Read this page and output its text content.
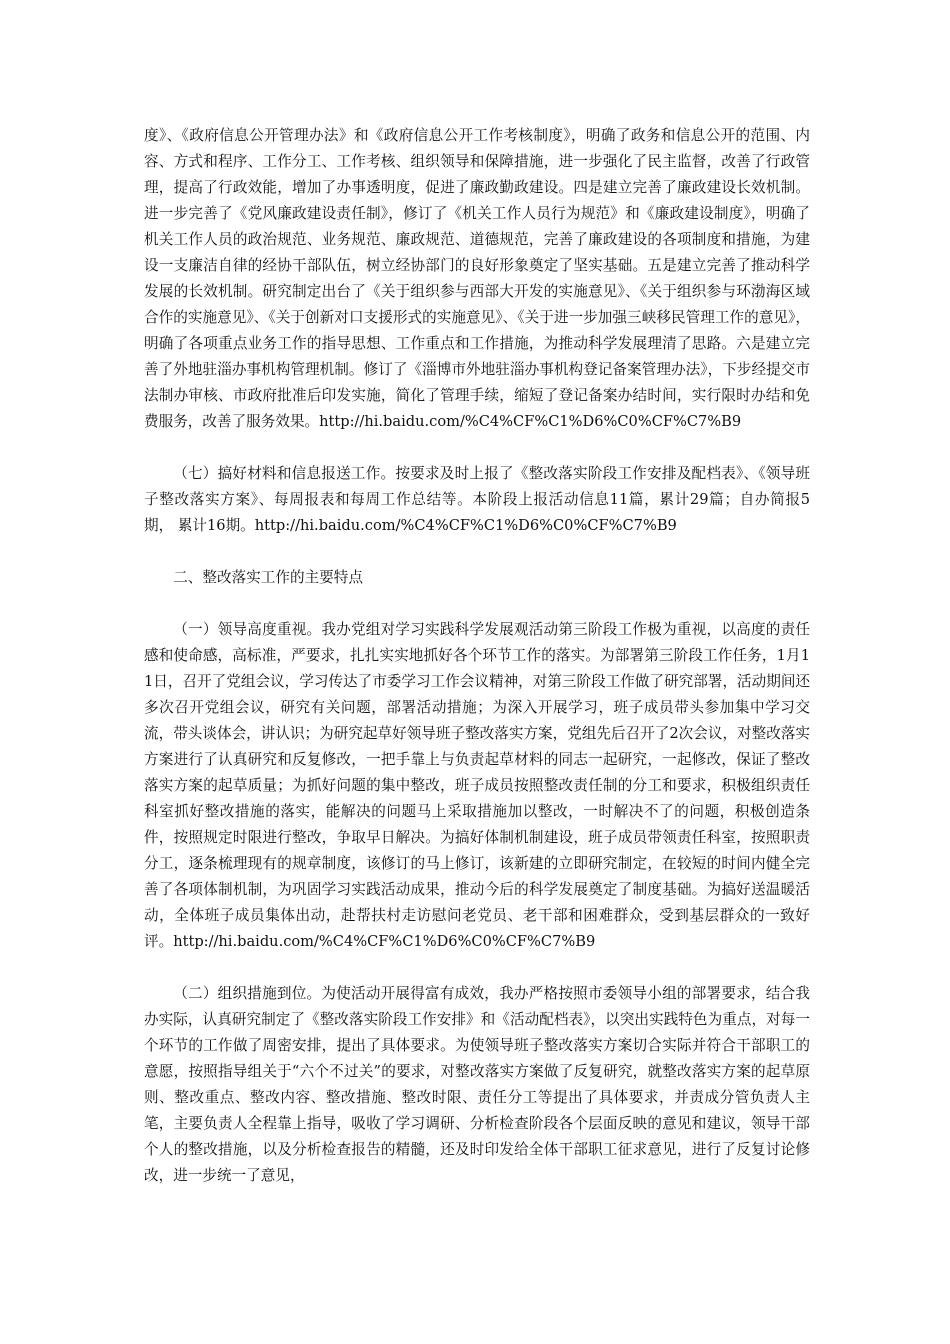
度》、《政府信息公开管理办法》和《政府信息公开工作考核制度》，明确了政务和信息公开的范围、内容、方式和程序、工作分工、工作考核、组织领导和保障措施，进一步强化了民主监督，改善了行政管理，提高了行政效能，增加了办事透明度，促进了廉政勤政建设。四是建立完善了廉政建设长效机制。进一步完善了《党风廉政建设责任制》，修订了《机关工作人员行为规范》和《廉政建设制度》，明确了机关工作人员的政治规范、业务规范、廉政规范、道德规范，完善了廉政建设的各项制度和措施，为建设一支廉洁自律的经协干部队伍，树立经协部门的良好形象奠定了坚实基础。五是建立完善了推动科学发展的长效机制。研究制定出台了《关于组织参与西部大开发的实施意见》、《关于组织参与环渤海区域合作的实施意见》、《关于创新对口支援形式的实施意见》、《关于进一步加强三峡移民管理工作的意见》，明确了各项重点业务工作的指导思想、工作重点和工作措施，为推动科学发展理清了思路。六是建立完善了外地驻淄办事机构管理机制。修订了《淄博市外地驻淄办事机构登记备案管理办法》，下步经提交市法制办审核、市政府批准后印发实施，简化了管理手续，缩短了登记备案办结时间，实行限时办结和免费服务，改善了服务效果。http://hi.baidu.com/%C4%CF%C1%D6%C0%CF%C7%B9

（七）搞好材料和信息报送工作。按要求及时上报了《整改落实阶段工作安排及配档表》、《领导班子整改落实方案》、每周报表和每周工作总结等。本阶段上报活动信息11篇，累计29篇；自办简报5期， 累计16期。http://hi.baidu.com/%C4%CF%C1%D6%C0%CF%C7%B9

二、整改落实工作的主要特点

（一）领导高度重视。我办党组对学习实践科学发展观活动第三阶段工作极为重视，以高度的责任感和使命感，高标准，严要求，扎扎实实地抓好各个环节工作的落实。为部署第三阶段工作任务，1月11日，召开了党组会议，学习传达了市委学习工作会议精神，对第三阶段工作做了研究部署，活动期间还多次召开党组会议，研究有关问题，部署活动措施；为深入开展学习，班子成员带头参加集中学习交流，带头谈体会，讲认识；为研究起草好领导班子整改落实方案，党组先后召开了2次会议，对整改落实方案进行了认真研究和反复修改，一把手靠上与负责起草材料的同志一起研究，一起修改，保证了整改落实方案的起草质量；为抓好问题的集中整改，班子成员按照整改责任制的分工和要求，积极组织责任科室抓好整改措施的落实，能解决的问题马上采取措施加以整改，一时解决不了的问题，积极创造条件，按照规定时限进行整改，争取早日解决。为搞好体制机制建设，班子成员带领责任科室，按照职责分工，逐条梳理现有的规章制度，该修订的马上修订，该新建的立即研究制定，在较短的时间内健全完善了各项体制机制，为巩固学习实践活动成果，推动今后的科学发展奠定了制度基础。为搞好送温暖活动，全体班子成员集体出动，赴帮扶村走访慰问老党员、老干部和困难群众，受到基层群众的一致好评。http://hi.baidu.com/%C4%CF%C1%D6%C0%CF%C7%B9

（二）组织措施到位。为使活动开展得富有成效，我办严格按照市委领导小组的部署要求，结合我办实际，认真研究制定了《整改落实阶段工作安排》和《活动配档表》，以突出实践特色为重点，对每一个环节的工作做了周密安排，提出了具体要求。为使领导班子整改落实方案切合实际并符合干部职工的意愿，按照指导组关于“六个不过关”的要求，对整改落实方案做了反复研究，就整改落实方案的起草原则、整改重点、整改内容、整改措施、整改时限、责任分工等提出了具体要求，并责成分管负责人主笔，主要负责人全程靠上指导，吸收了学习调研、分析检查阶段各个层面反映的意见和建议，领导干部个人的整改措施，以及分析检查报告的精髓，还及时印发给全体干部职工征求意见，进行了反复讨论修改，进一步统一了意见，
